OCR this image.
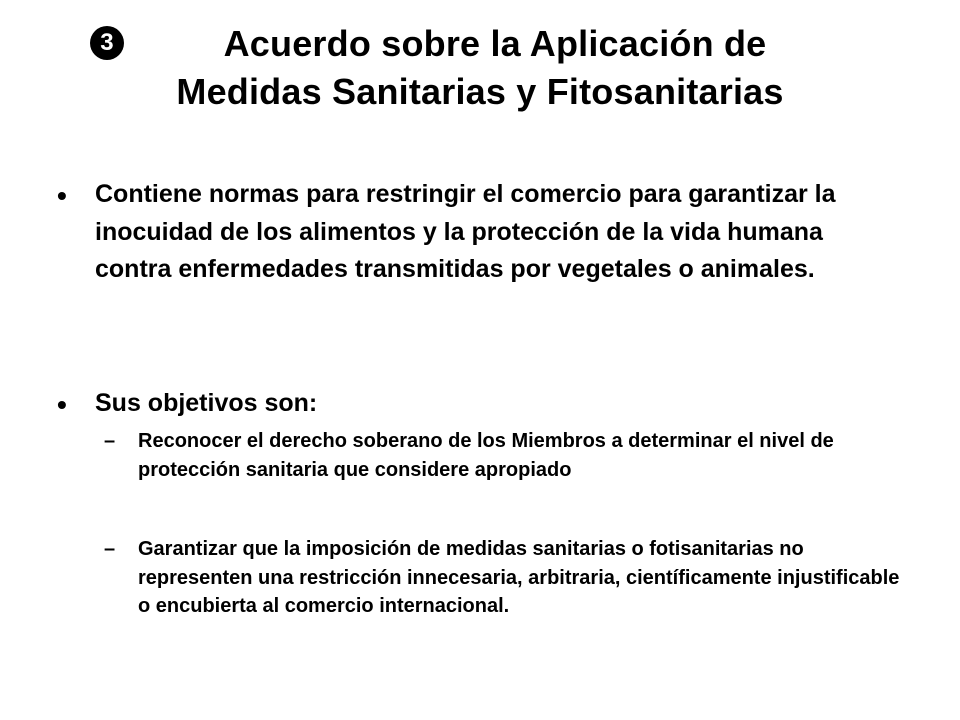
3	Acuerdo sobre la Aplicación de
Medidas Sanitarias y Fitosanitarias
• Contiene normas para restringir el comercio para garantizar la inocuidad de los alimentos y la protección de la vida humana contra enfermedades transmitidas por vegetales o animales.
• Sus objetivos son:
– Reconocer el derecho soberano de los Miembros a determinar el nivel de protección sanitaria que considere apropiado
– Garantizar que la imposición de medidas sanitarias o fotisanitarias no representen una restricción innecesaria, arbitraria, científicamente injustificable o encubierta al comercio internacional.
